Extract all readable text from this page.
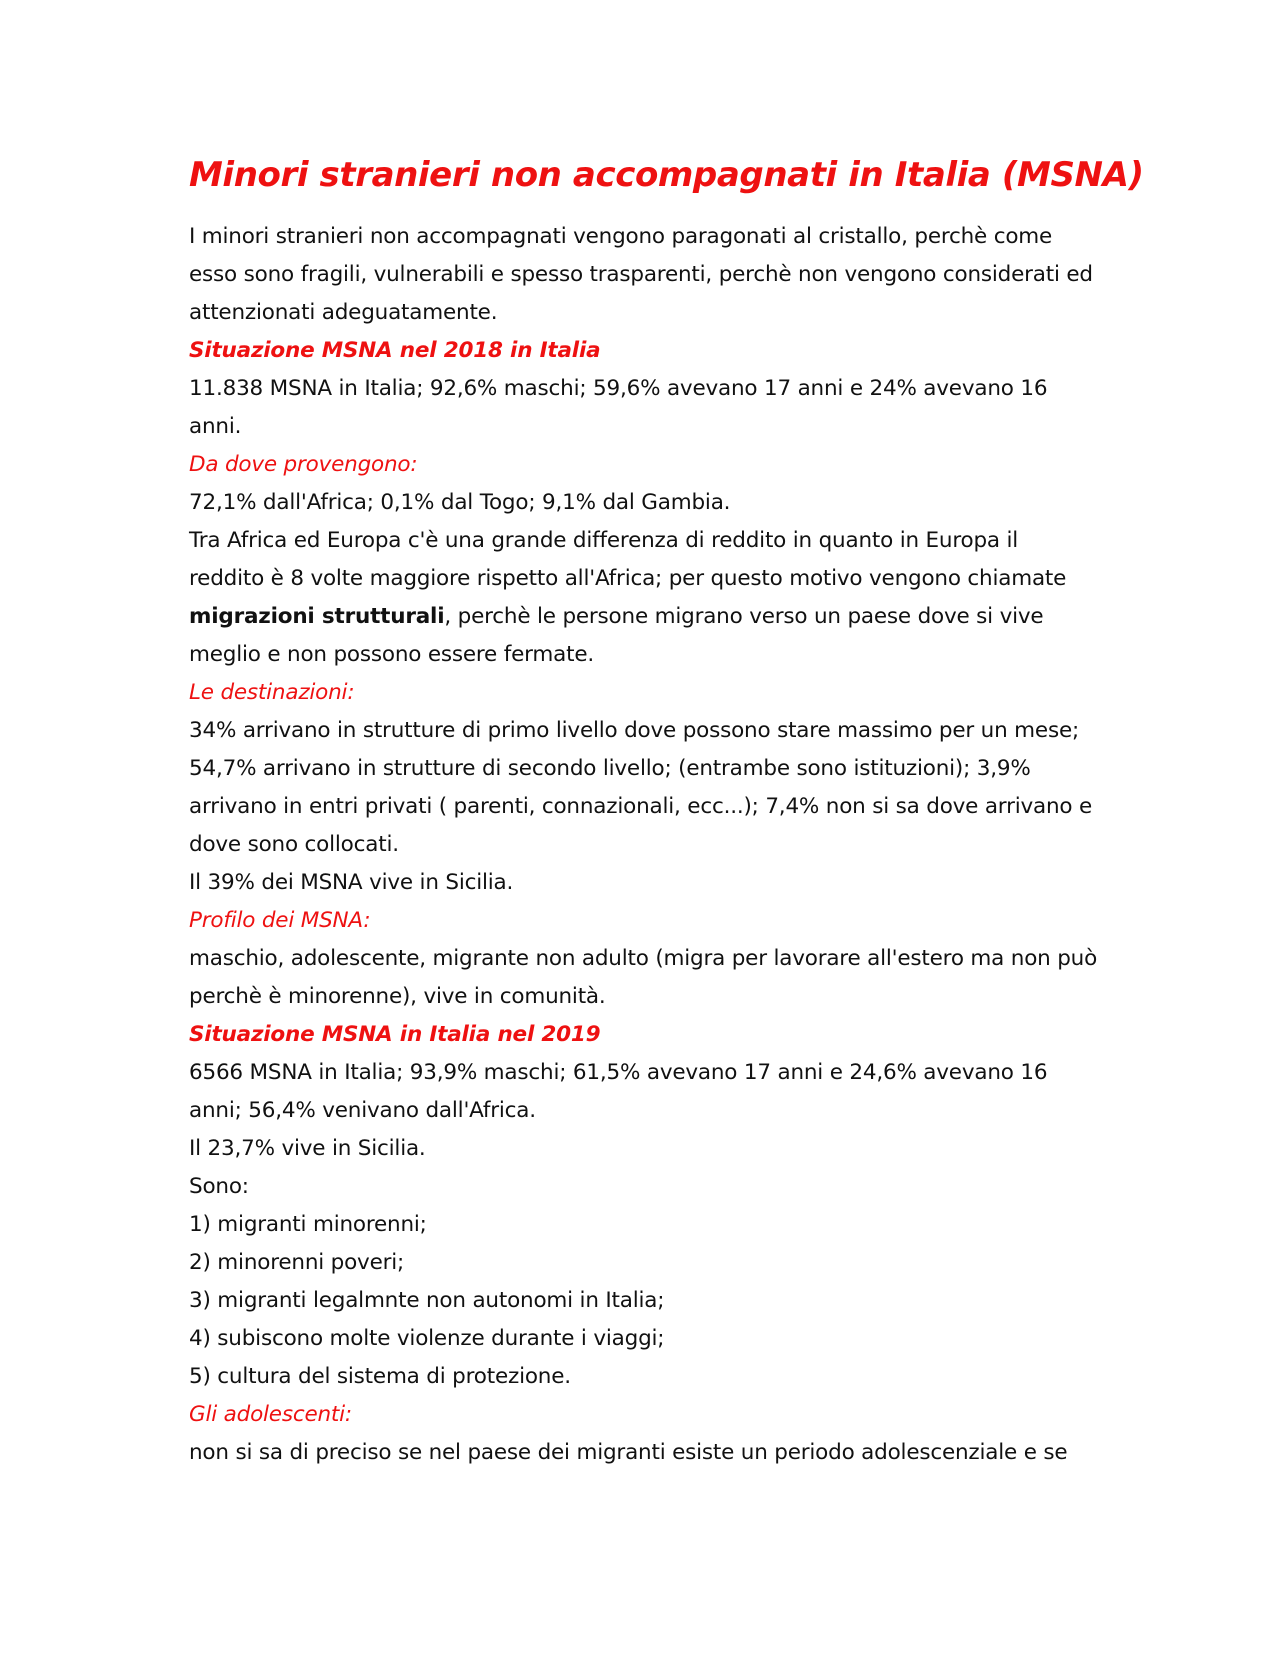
Minori stranieri non accompagnati in Italia (MSNA)

I minori stranieri non accompagnati vengono paragonati al cristallo, perchè come esso sono fragili, vulnerabili e spesso trasparenti, perchè non vengono considerati ed attenzionati adeguatamente.

Situazione MSNA nel 2018 in Italia

11.838 MSNA in Italia; 92,6% maschi; 59,6% avevano 17 anni e 24% avevano 16 anni.

Da dove provengono:

72,1% dall'Africa; 0,1% dal Togo; 9,1% dal Gambia.

Tra Africa ed Europa c'è una grande differenza di reddito in quanto in Europa il reddito è 8 volte maggiore rispetto all'Africa; per questo motivo vengono chiamate migrazioni strutturali, perchè le persone migrano verso un paese dove si vive meglio e non possono essere fermate.

Le destinazioni:

34% arrivano in strutture di primo livello dove possono stare massimo per un mese; 54,7% arrivano in strutture di secondo livello; (entrambe sono istituzioni); 3,9% arrivano in entri privati ( parenti, connazionali, ecc...); 7,4% non si sa dove arrivano e dove sono collocati.

Il 39% dei MSNA vive in Sicilia.

Profilo dei MSNA:

maschio, adolescente, migrante non adulto (migra per lavorare all'estero ma non può perchè è minorenne), vive in comunità.

Situazione MSNA in Italia nel 2019

6566 MSNA in Italia; 93,9% maschi; 61,5% avevano 17 anni e 24,6% avevano 16 anni; 56,4% venivano dall'Africa.

Il 23,7% vive in Sicilia.

Sono:

1) migranti minorenni;
2) minorenni poveri;
3) migranti legalmnte non autonomi in Italia;
4) subiscono molte violenze durante i viaggi;
5) cultura del sistema di protezione.

Gli adolescenti:

non si sa di preciso se nel paese dei migranti esiste un periodo adolescenziale e se
